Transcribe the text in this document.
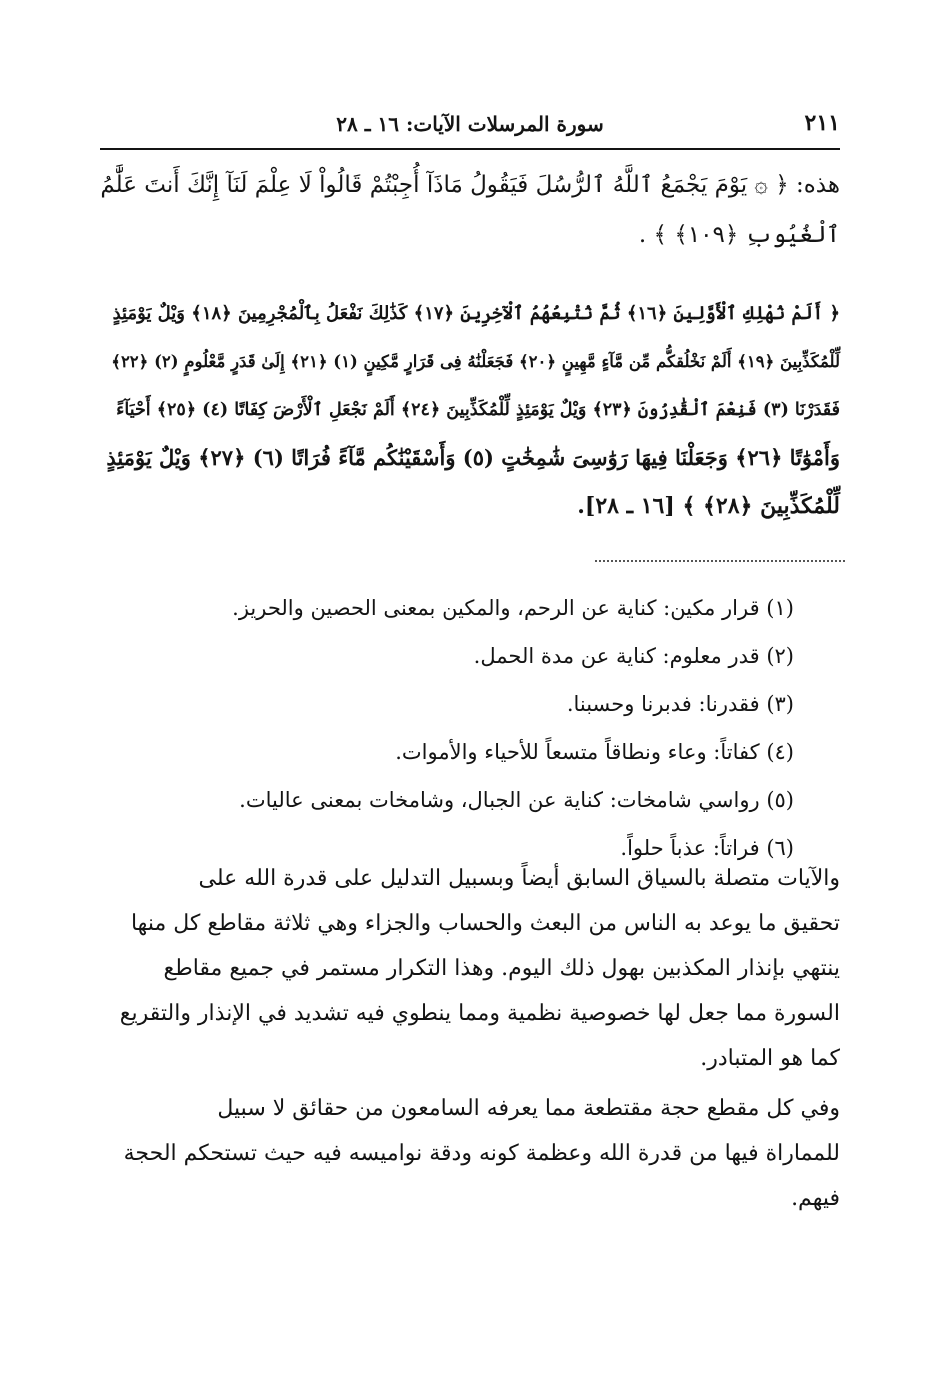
٢١١
سورة المرسلات الآيات: ١٦ ـ ٢٨
هذه: ﴿ ۞ يَوْمَ يَجْمَعُ ٱللَّهُ ٱلرُّسُلَ فَيَقُولُ مَاذَآ أُجِبْتُمْ قَالُواْ لَا عِلْمَ لَنَآ إِنَّكَ أَنتَ عَلَّٰمُ
ٱلْغُيُوبِ ﴿١٠٩﴾ ﴾ .
﴿ أَلَمْ نُهْلِكِ ٱلْأَوَّلِينَ ﴿١٦﴾ ثُمَّ نُتْبِعُهُمُ ٱلْآخِرِينَ ﴿١٧﴾ كَذَٰلِكَ نَفْعَلُ بِٱلْمُجْرِمِينَ ﴿١٨﴾ وَيْلٌ يَوْمَئِذٍ
لِّلْمُكَذِّبِينَ ﴿١٩﴾ أَلَمْ نَخْلُقكُّم مِّن مَّآءٍ مَّهِينٍ ﴿٢٠﴾ فَجَعَلْنَٰهُ فِى قَرَارٍ مَّكِينٍ (١) ﴿٢١﴾ إِلَىٰ قَدَرٍ مَّعْلُومٍ (٢) ﴿٢٢﴾
فَقَدَرْنَا (٣) فَنِعْمَ ٱلْقَٰدِرُونَ ﴿٢٣﴾ وَيْلٌ يَوْمَئِذٍ لِّلْمُكَذِّبِينَ ﴿٢٤﴾ أَلَمْ نَجْعَلِ ٱلْأَرْضَ كِفَاتًا (٤) ﴿٢٥﴾ أَحْيَآءً
وَأَمْوَٰتًا ﴿٢٦﴾ وَجَعَلْنَا فِيهَا رَوَٰسِىَ شَٰمِخَٰتٍ (٥) وَأَسْقَيْنَٰكُم مَّآءً فُرَاتًا (٦) ﴿٢٧﴾ وَيْلٌ يَوْمَئِذٍ
لِّلْمُكَذِّبِينَ ﴿٢٨﴾ ﴾ [١٦ ـ ٢٨].
(١) قرار مكين: كناية عن الرحم، والمكين بمعنى الحصين والحريز.
(٢) قدر معلوم: كناية عن مدة الحمل.
(٣) فقدرنا: فدبرنا وحسبنا.
(٤) كفاتاً: وعاء ونطاقاً متسعاً للأحياء والأموات.
(٥) رواسي شامخات: كناية عن الجبال، وشامخات بمعنى عاليات.
(٦) فراتاً: عذباً حلواً.
والآيات متصلة بالسياق السابق أيضاً وبسبيل التدليل على قدرة الله على
تحقيق ما يوعد به الناس من البعث والحساب والجزاء وهي ثلاثة مقاطع كل منها
ينتهي بإنذار المكذبين بهول ذلك اليوم. وهذا التكرار مستمر في جميع مقاطع
السورة مما جعل لها خصوصية نظمية ومما ينطوي فيه تشديد في الإنذار والتقريع
كما هو المتبادر.
وفي كل مقطع حجة مقتطعة مما يعرفه السامعون من حقائق لا سبيل
للمماراة فيها من قدرة الله وعظمة كونه ودقة نواميسه فيه حيث تستحكم الحجة
فيهم.
